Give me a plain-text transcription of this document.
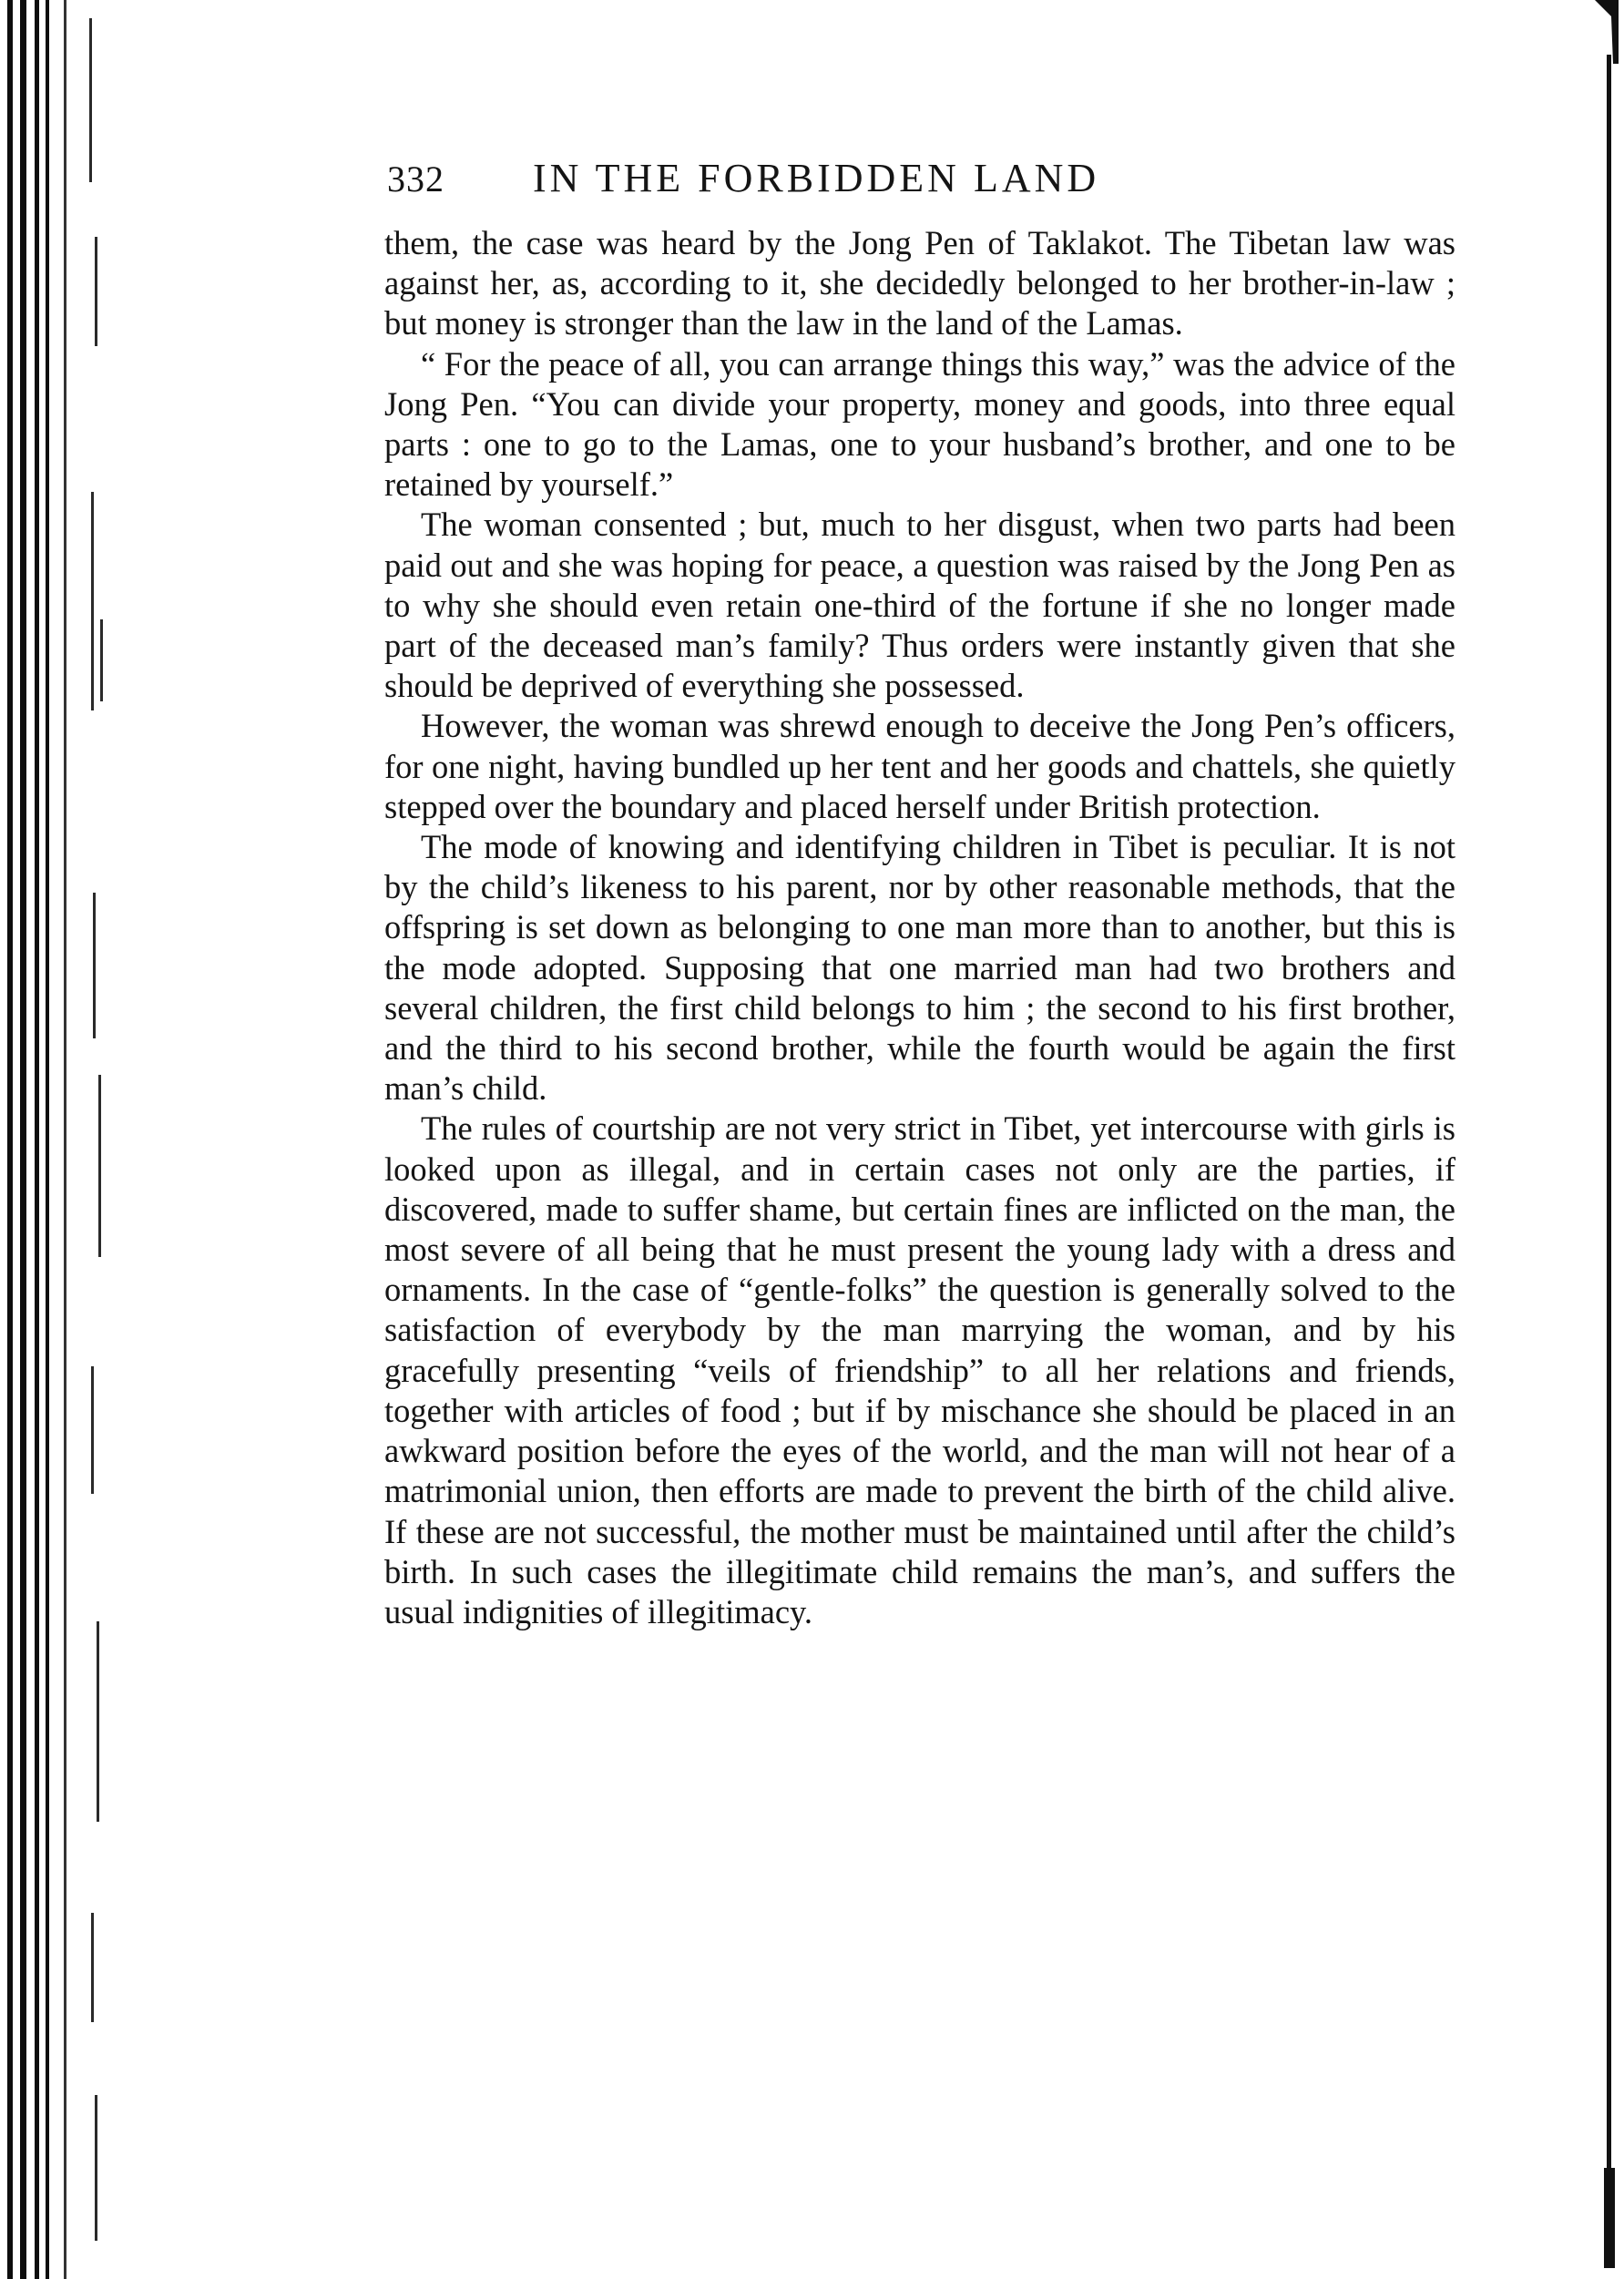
332	IN THE FORBIDDEN LAND

them, the case was heard by the Jong Pen of Taklakot. The Tibetan law was against her, as, according to it, she decidedly belonged to her brother-in-law ; but money is stronger than the law in the land of the Lamas.

“ For the peace of all, you can arrange things this way,” was the advice of the Jong Pen. “You can divide your property, money and goods, into three equal parts : one to go to the Lamas, one to your husband’s brother, and one to be retained by yourself.”

The woman consented ; but, much to her disgust, when two parts had been paid out and she was hoping for peace, a question was raised by the Jong Pen as to why she should even retain one-third of the fortune if she no longer made part of the deceased man’s family? Thus orders were instantly given that she should be deprived of everything she possessed.

However, the woman was shrewd enough to deceive the Jong Pen’s officers, for one night, having bundled up her tent and her goods and chattels, she quietly stepped over the boundary and placed herself under British protection.

The mode of knowing and identifying children in Tibet is peculiar. It is not by the child’s likeness to his parent, nor by other reasonable methods, that the offspring is set down as belonging to one man more than to another, but this is the mode adopted. Supposing that one married man had two brothers and several children, the first child belongs to him ; the second to his first brother, and the third to his second brother, while the fourth would be again the first man’s child.

The rules of courtship are not very strict in Tibet, yet intercourse with girls is looked upon as illegal, and in certain cases not only are the parties, if discovered, made to suffer shame, but certain fines are inflicted on the man, the most severe of all being that he must present the young lady with a dress and ornaments. In the case of “gentle-folks” the question is generally solved to the satisfaction of everybody by the man marrying the woman, and by his gracefully presenting “veils of friendship” to all her relations and friends, together with articles of food ; but if by mischance she should be placed in an awkward position before the eyes of the world, and the man will not hear of a matrimonial union, then efforts are made to prevent the birth of the child alive. If these are not successful, the mother must be maintained until after the child’s birth. In such cases the illegitimate child remains the man’s, and suffers the usual indignities of illegitimacy.
